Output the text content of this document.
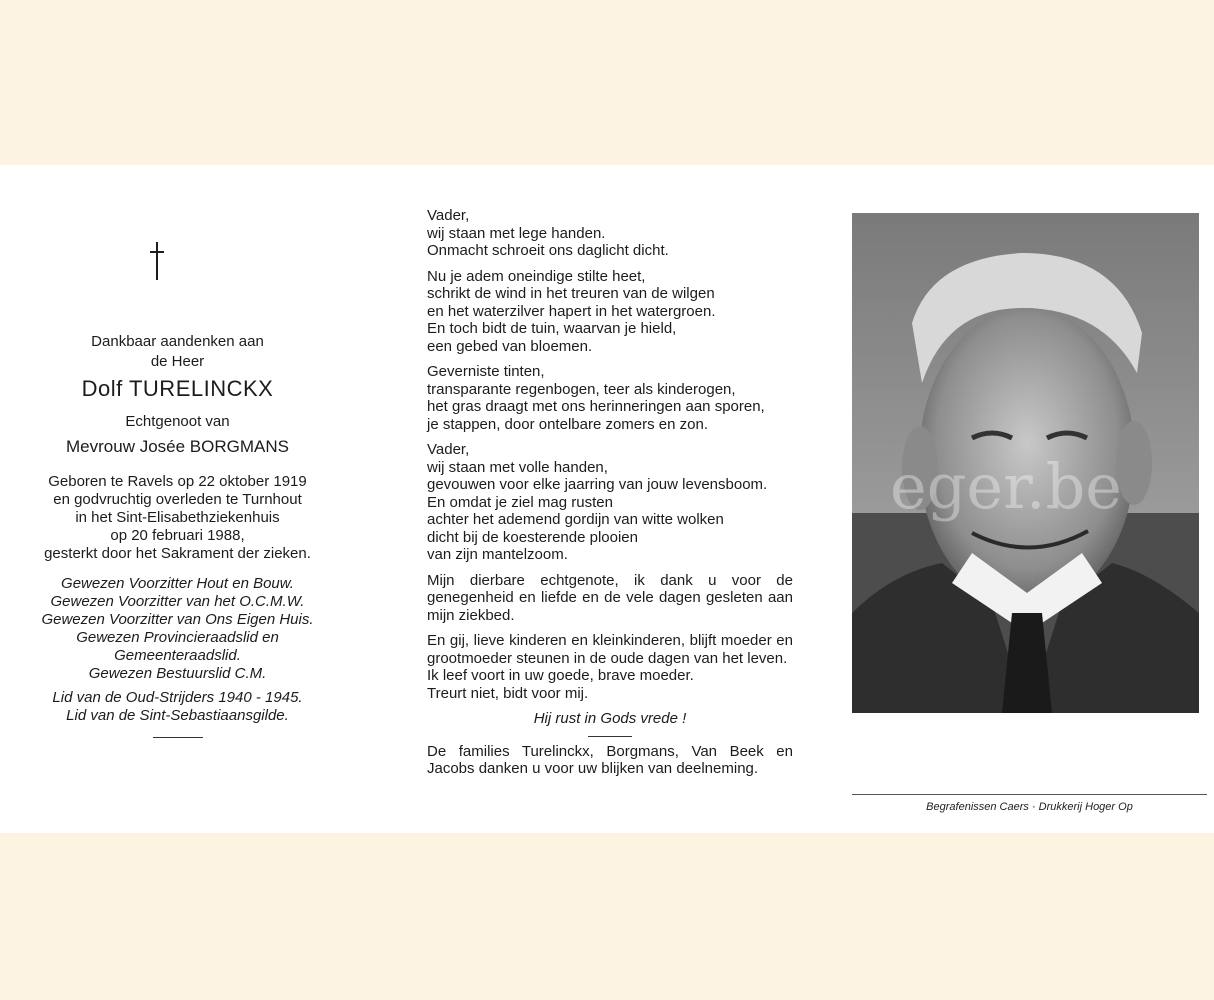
Dankbaar aandenken aan
de Heer
Dolf TURELINCKX
Echtgenoot van
Mevrouw Josée BORGMANS
Geboren te Ravels op 22 oktober 1919
en godvruchtig overleden te Turnhout
in het Sint-Elisabethziekenhuis
op 20 februari 1988,
gesterkt door het Sakrament der zieken.
Gewezen Voorzitter Hout en Bouw.
Gewezen Voorzitter van het O.C.M.W.
Gewezen Voorzitter van Ons Eigen Huis.
Gewezen Provincieraadslid en
Gemeenteraadslid.
Gewezen Bestuurslid C.M.
Lid van de Oud-Strijders 1940 - 1945.
Lid van de Sint-Sebastiaansgilde.
Vader,
wij staan met lege handen.
Onmacht schroeit ons daglicht dicht.
Nu je adem oneindige stilte heet,
schrikt de wind in het treuren van de wilgen
en het waterzilver hapert in het watergroen.
En toch bidt de tuin, waarvan je hield,
een gebed van bloemen.
Geverniste tinten,
transparante regenbogen, teer als kinderogen,
het gras draagt met ons herinneringen aan sporen,
je stappen, door ontelbare zomers en zon.
Vader,
wij staan met volle handen,
gevouwen voor elke jaarring van jouw levensboom.
En omdat je ziel mag rusten
achter het ademend gordijn van witte wolken
dicht bij de koesterende plooien
van zijn mantelzoom.
Mijn dierbare echtgenote, ik dank u voor de genegenheid en liefde en de vele dagen gesleten aan mijn ziekbed.
En gij, lieve kinderen en kleinkinderen, blijft moeder en grootmoeder steunen in de oude dagen van het leven.
Ik leef voort in uw goede, brave moeder.
Treurt niet, bidt voor mij.
Hij rust in Gods vrede !
De families Turelinckx, Borgmans, Van Beek en Jacobs danken u voor uw blijken van deelneming.
eger.be
Begrafenissen Caers · Drukkerij Hoger Op
